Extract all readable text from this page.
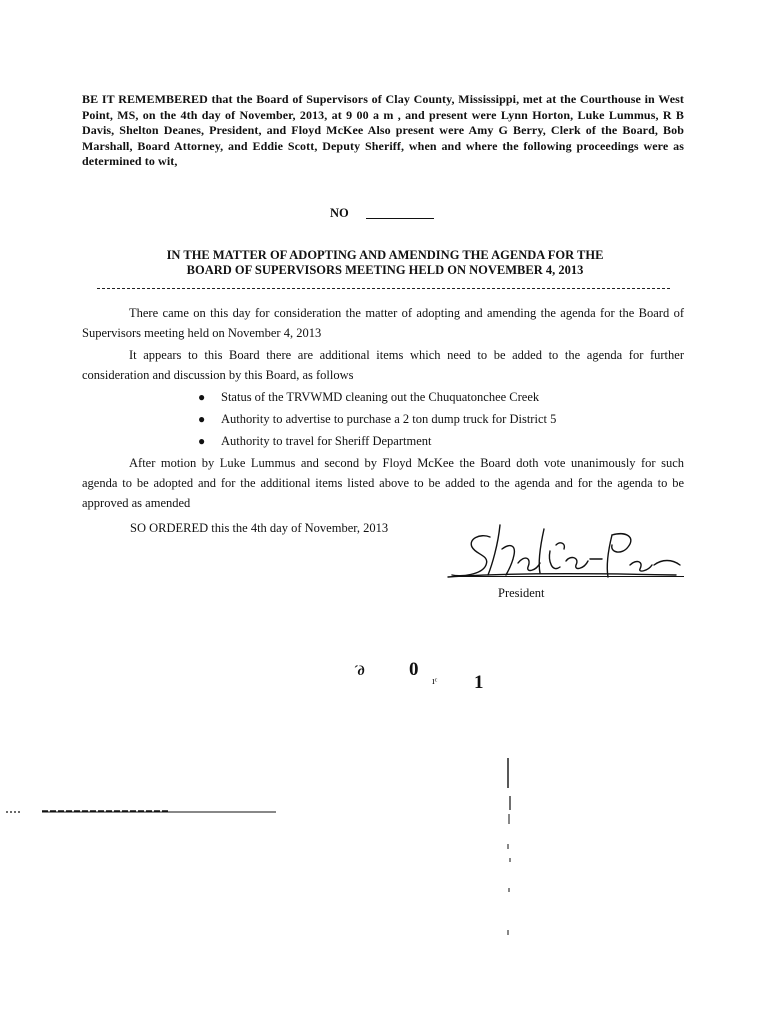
BE IT REMEMBERED that the Board of Supervisors of Clay County, Mississippi, met at the Courthouse in West Point, MS, on the 4th day of November, 2013, at 9 00 a m , and present were Lynn Horton, Luke Lummus, R B Davis, Shelton Deanes, President, and Floyd McKee Also present were Amy G Berry, Clerk of the Board, Bob Marshall, Board Attorney, and Eddie Scott, Deputy Sheriff, when and where the following proceedings were as determined to wit,
NO
IN THE MATTER OF ADOPTING AND AMENDING THE AGENDA FOR THE
BOARD OF SUPERVISORS MEETING HELD ON NOVEMBER 4, 2013
There came on this day for consideration the matter of adopting and amending the agenda for the Board of Supervisors meeting held on November 4, 2013
It appears to this Board there are additional items which need to be added to the agenda for further consideration and discussion by this Board, as follows
● Status of the TRVWMD cleaning out the Chuquatonchee Creek
● Authority to advertise to purchase a 2 ton dump truck for District 5
● Authority to travel for Sheriff Department
After motion by Luke Lummus and second by Floyd McKee the Board doth vote unanimously for such agenda to be adopted and for the additional items listed above to be added to the agenda and for the agenda to be approved as amended
SO ORDERED this the 4th day of November, 2013
President
´д 0
ıᶜ 1
